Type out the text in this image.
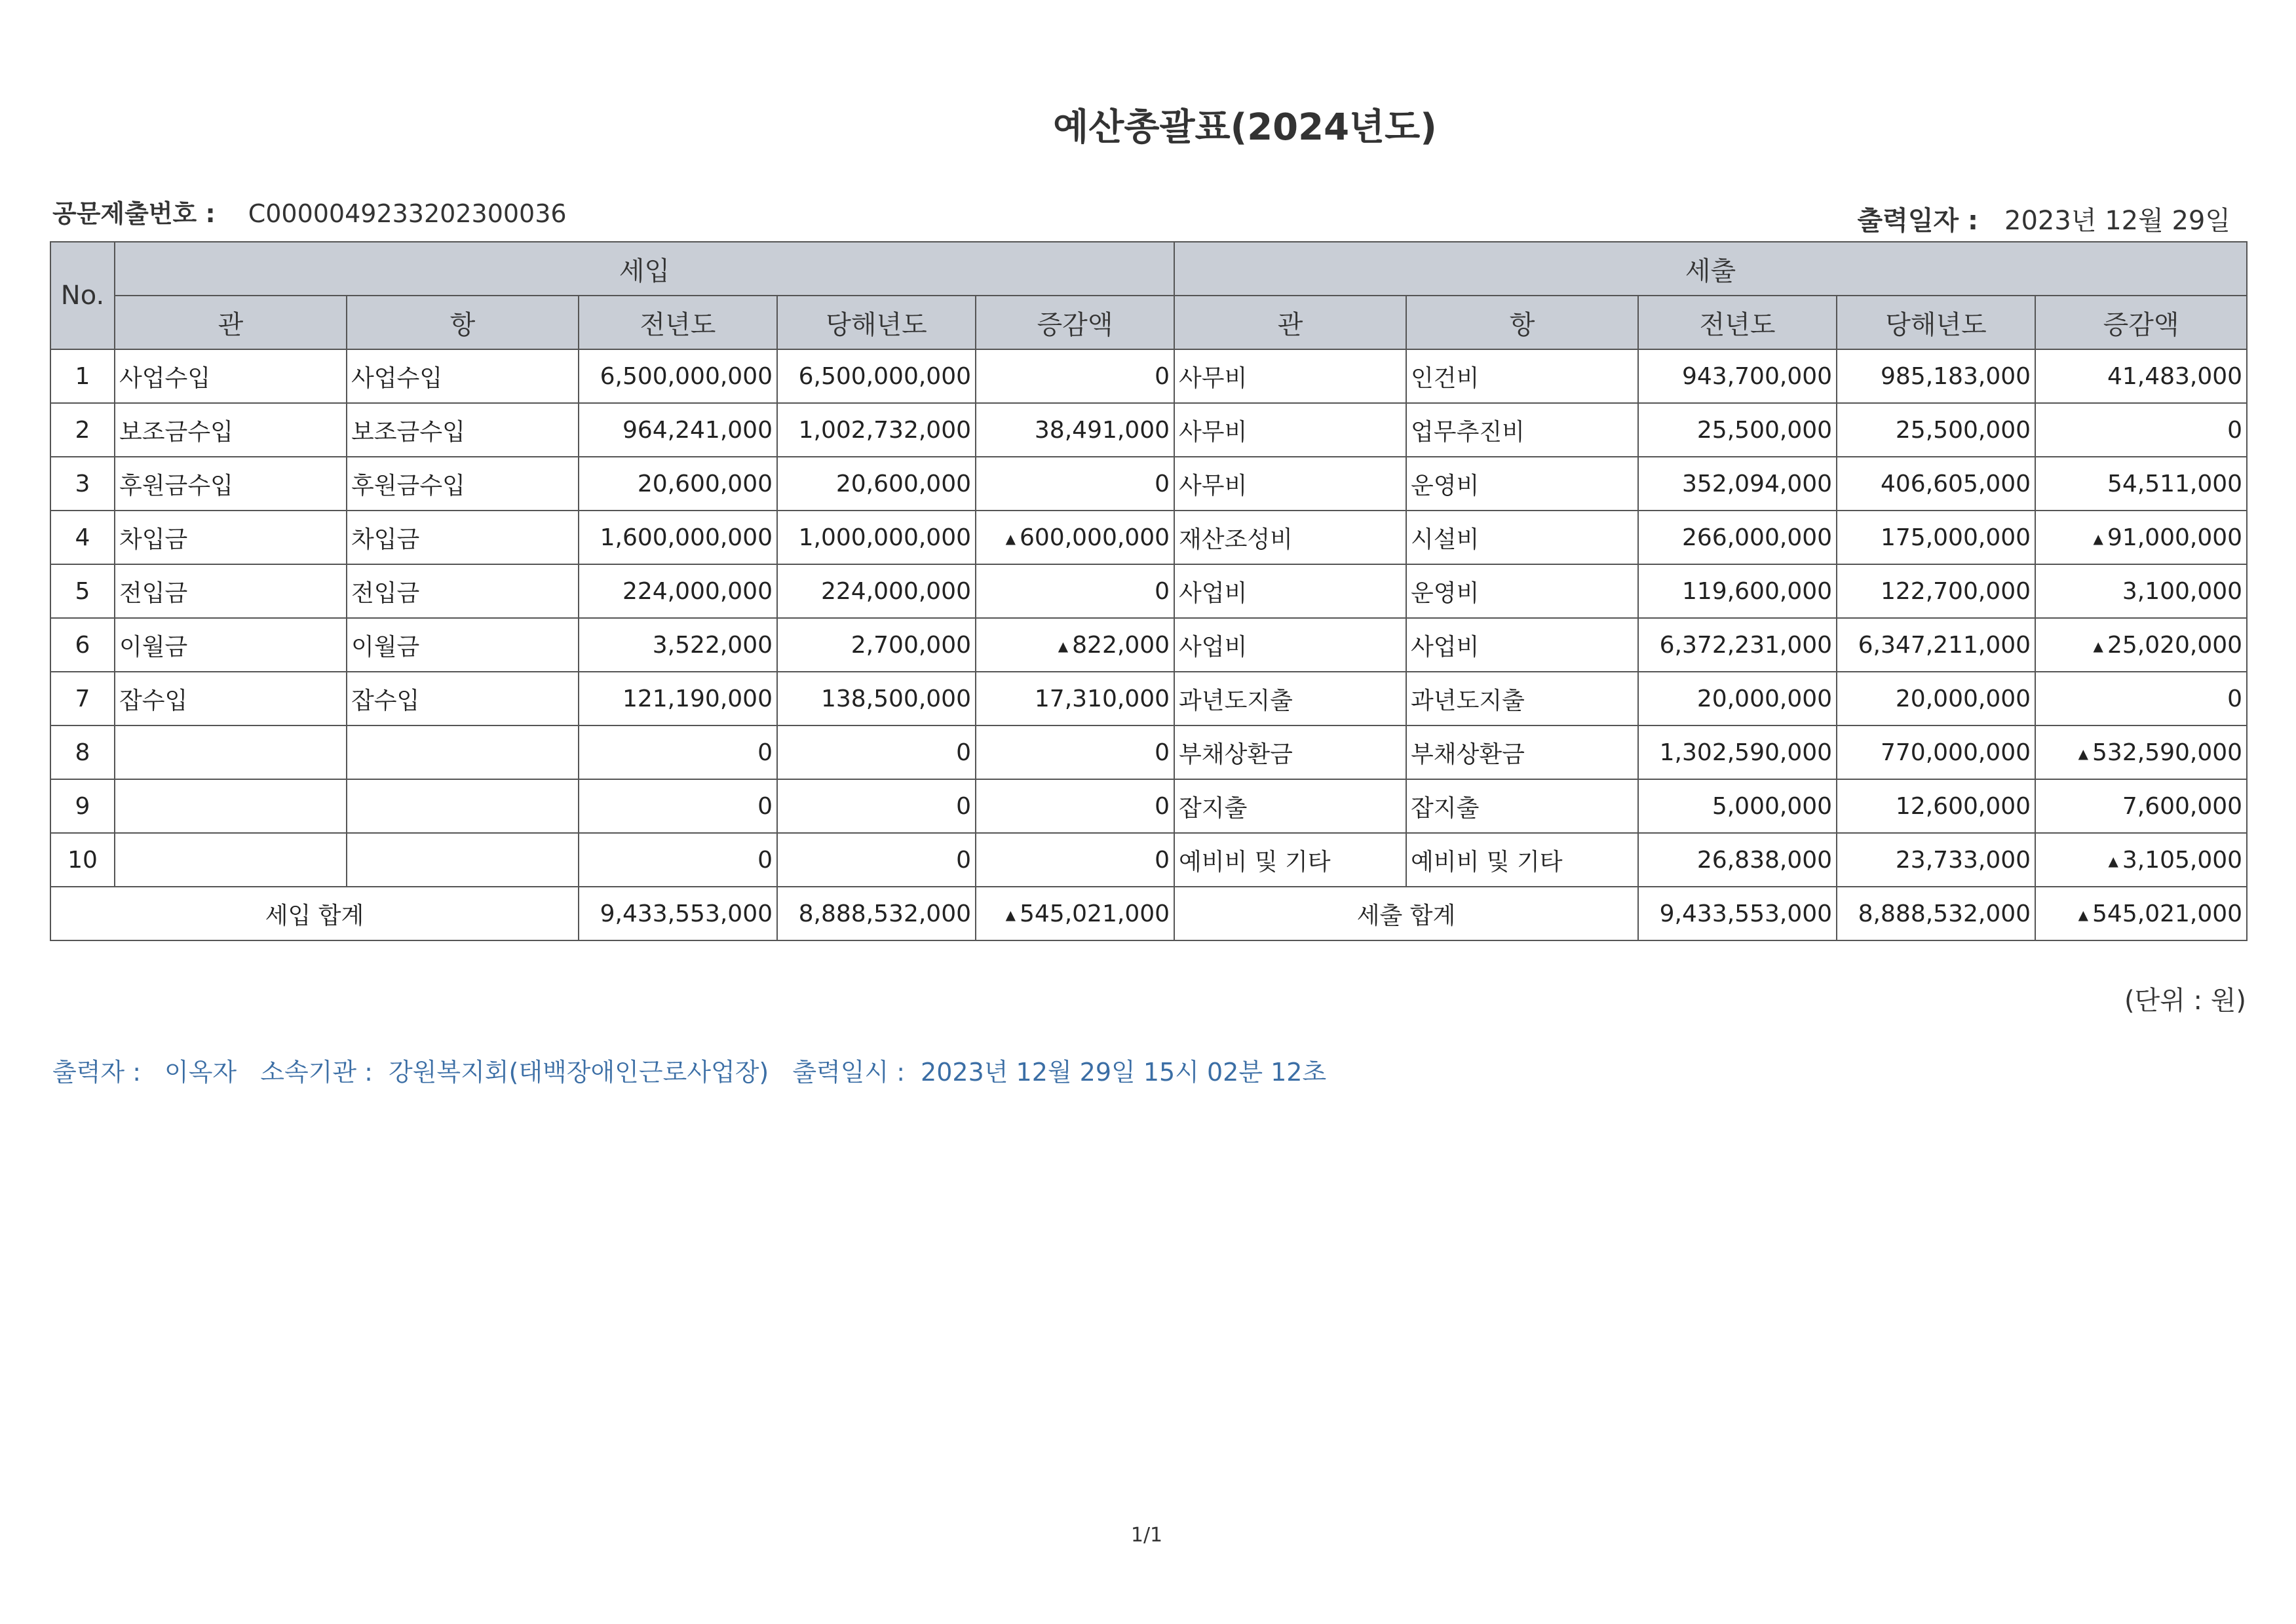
예산총괄표(2024년도)
공문제출번호 : C0000049233202300036	출력일자 : 2023년 12월 29일
No.	세입					세출				
	관	항	전년도	당해년도	증감액	관	항	전년도	당해년도	증감액
1	사업수입	사업수입	6,500,000,000	6,500,000,000	0	사무비	인건비	943,700,000	985,183,000	41,483,000
2	보조금수입	보조금수입	964,241,000	1,002,732,000	38,491,000	사무비	업무추진비	25,500,000	25,500,000	0
3	후원금수입	후원금수입	20,600,000	20,600,000	0	사무비	운영비	352,094,000	406,605,000	54,511,000
4	차입금	차입금	1,600,000,000	1,000,000,000	▲ 600,000,000	재산조성비	시설비	266,000,000	175,000,000	▲ 91,000,000
5	전입금	전입금	224,000,000	224,000,000	0	사업비	운영비	119,600,000	122,700,000	3,100,000
6	이월금	이월금	3,522,000	2,700,000	▲ 822,000	사업비	사업비	6,372,231,000	6,347,211,000	▲ 25,020,000
7	잡수입	잡수입	121,190,000	138,500,000	17,310,000	과년도지출	과년도지출	20,000,000	20,000,000	0
8			0	0	0	부채상환금	부채상환금	1,302,590,000	770,000,000	▲ 532,590,000
9			0	0	0	잡지출	잡지출	5,000,000	12,600,000	7,600,000
10			0	0	0	예비비 및 기타	예비비 및 기타	26,838,000	23,733,000	▲ 3,105,000
세입 합계			9,433,553,000	8,888,532,000	▲ 545,021,000	세출 합계		9,433,553,000	8,888,532,000	▲ 545,021,000
(단위 : 원)
출력자 : 이옥자 소속기관 : 강원복지회(태백장애인근로사업장) 출력일시 : 2023년 12월 29일 15시 02분 12초
1/1
